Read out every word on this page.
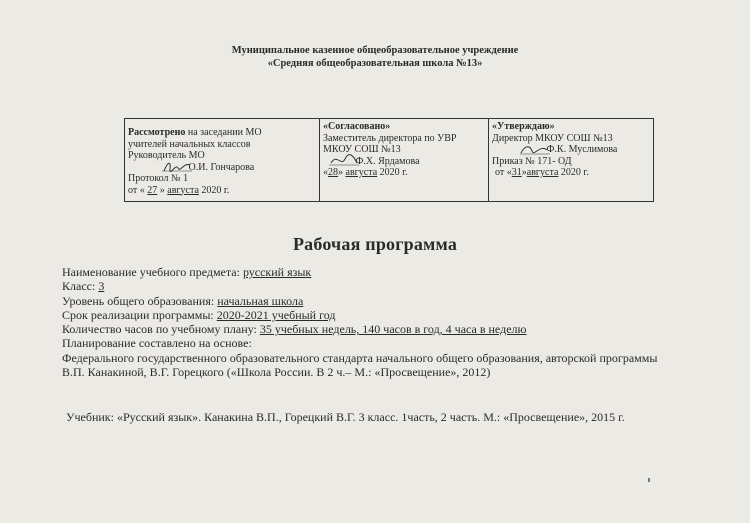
Муниципальное казенное общеобразовательное учреждение
«Средняя общеобразовательная школа №13»
Рассмотрено на заседании МО
учителей начальных классов
Руководитель МО
О.И. Гончарова
Протокол № 1
от « 27 » августа 2020 г.

«Согласовано»
Заместитель директора по УВР
МКОУ СОШ №13
Ф.Х. Ярдамова
«28» августа 2020 г.

«Утверждаю»
Директор МКОУ СОШ №13
Ф.К. Муслимова
Приказ № 171- ОД
от «31»августа 2020 г.
Рабочая программа
Наименование учебного предмета: русский язык
Класс: 3
Уровень общего образования: начальная школа
Срок реализации программы: 2020-2021 учебный год
Количество часов по учебному плану: 35 учебных недель, 140 часов в год, 4 часа в неделю
Планирование составлено на основе:
Федерального государственного образовательного стандарта начального общего образования, авторской программы
В.П. Канакиной, В.Г. Горецкого («Школа России. В 2 ч.– М.: «Просвещение», 2012)
Учебник: «Русский язык». Канакина В.П., Горецкий В.Г. 3 класс. 1часть, 2 часть. М.: «Просвещение», 2015 г.
